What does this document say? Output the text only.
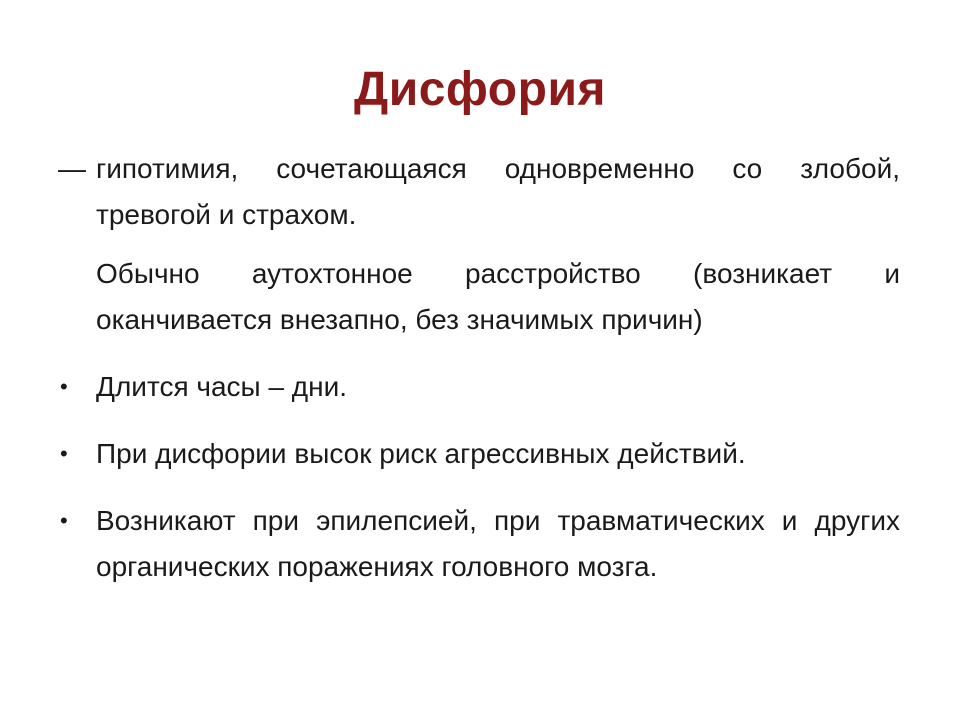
Дисфория
— гипотимия, сочетающаяся одновременно со злобой, тревогой и страхом.
Обычно аутохтонное расстройство (возникает и оканчивается внезапно, без значимых причин)
• Длится часы – дни.
• При дисфории высок риск агрессивных действий.
• Возникают при эпилепсией, при травматических и других органических поражениях головного мозга.
